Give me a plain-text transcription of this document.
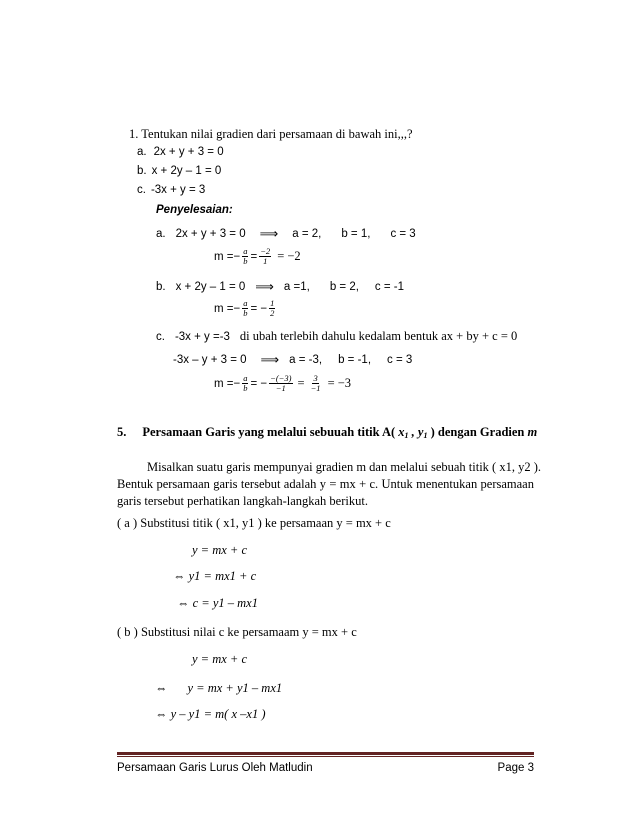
1. Tentukan nilai gradien dari persamaan di bawah ini,,,?
a. 2x + y + 3 = 0
b. x + 2y – 1 = 0
c. -3x + y = 3
Penyelesaian:
a. 2x + y + 3 = 0 ⟹ a = 2, b = 1, c = 3
$m =- \frac{a}{b} = \frac{-2}{1} = -2$
b. x + 2y – 1 = 0 ⟹ a =1, b = 2, c = -1
$m =- \frac{a}{b}$ = − $\frac{1}{2}$
c. -3x + y =-3 di ubah terlebih dahulu kedalam bentuk ax + by + c = 0
-3x – y + 3 = 0 ⟹ a = -3, b = -1, c = 3
$m =- \frac{a}{b}$ = − $\frac{-(-3)}{-1} = \frac{3}{-1} = -3$
5. Persamaan Garis yang melalui sebuuah titik A( $x_1$ , $y_1$ ) dengan Gradien m
Misalkan suatu garis mempunyai gradien m dan melalui sebuah titik ( x1, y2 ).
Bentuk persamaan garis tersebut adalah y = mx + c. Untuk menentukan persamaan
garis tersebut perhatikan langkah-langkah berikut.
( a ) Substitusi titik ( x1, y1 ) ke persamaan y = mx + c
y = mx + c
⇔ y1 = mx1 + c
⇔ c = y1 – mx1
( b ) Substitusi nilai c ke persamaam y = mx + c
y = mx + c
⇔ y = mx + y1 – mx1
⇔ y – y1 = m( x –x1 )
Persamaan Garis Lurus Oleh Matludin	Page 3
